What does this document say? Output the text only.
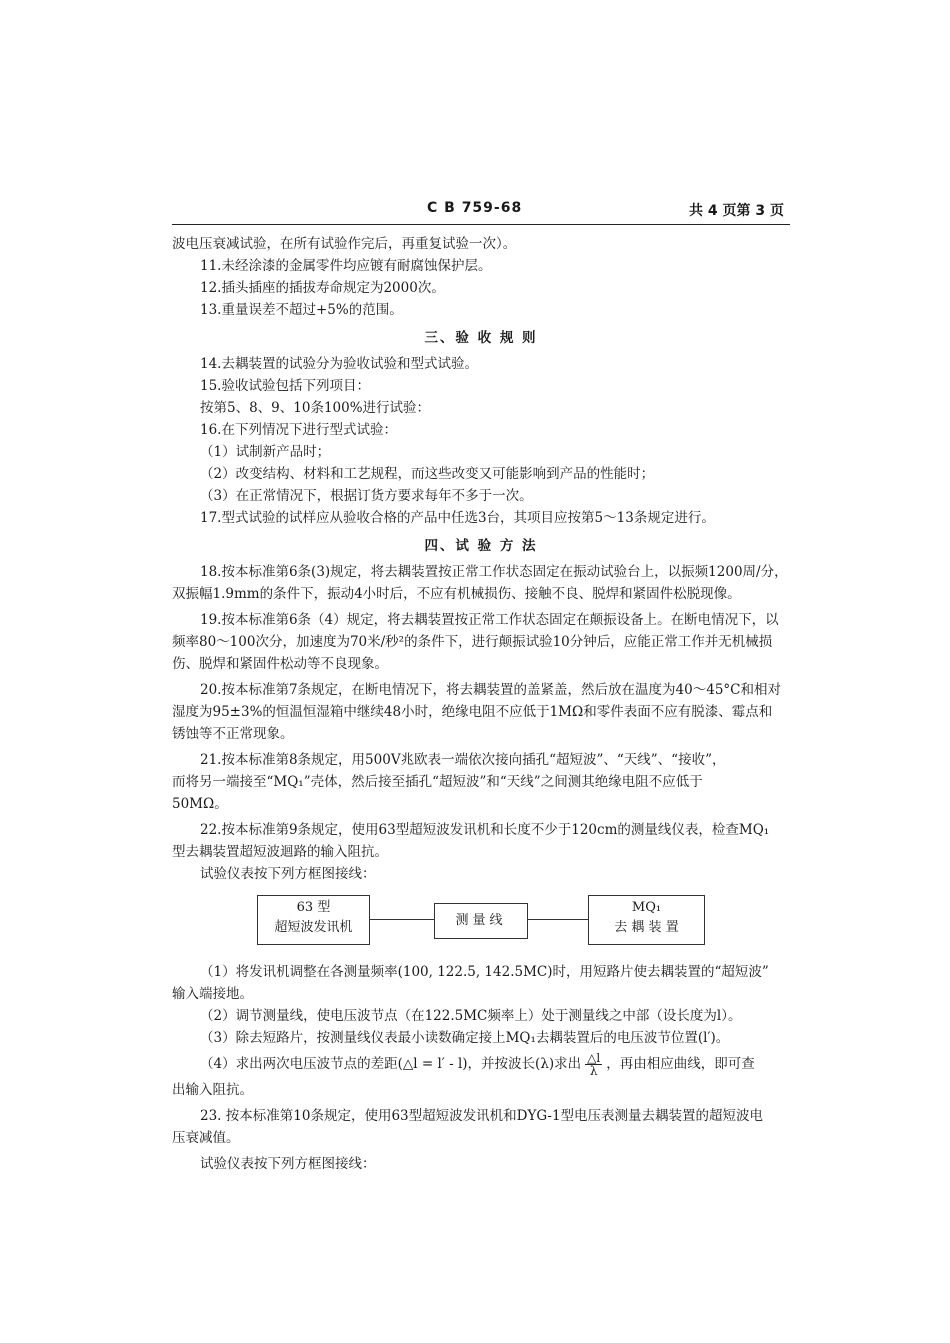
C B 759-68	共 4 页第 3 页

波电压衰减试验，在所有试验作完后，再重复试验一次）。

11.未经涂漆的金属零件均应镀有耐腐蚀保护层。

12.插头插座的插拔寿命规定为2000次。

13.重量误差不超过+5%的范围。

三、验 收 规 则

14.去耦装置的试验分为验收试验和型式试验。

15.验收试验包括下列项目：

按第5、8、9、10条100%进行试验：

16.在下列情况下进行型式试验：

（1）试制新产品时；

（2）改变结构、材料和工艺规程，而这些改变又可能影响到产品的性能时；

（3）在正常情况下，根据订货方要求每年不多于一次。

17.型式试验的试样应从验收合格的产品中任选3台，其项目应按第5～13条规定进行。

四、试 验 方 法

18.按本标准第6条(3)规定，将去耦装置按正常工作状态固定在振动试验台上，以振频1200周/分，

双振幅1.9mm的条件下，振动4小时后，不应有机械损伤、接触不良、脱焊和紧固件松脱现像。

19.按本标准第6条（4）规定，将去耦装置按正常工作状态固定在颠振设备上。在断电情况下，以

频率80～100次分，加速度为70米/秒²的条件下，进行颠振试验10分钟后，应能正常工作并无机械损

伤、脱焊和紧固件松动等不良现象。

20.按本标准第7条规定，在断电情况下，将去耦装置的盖紧盖，然后放在温度为40～45°C和相对

湿度为95±3%的恒温恒湿箱中继续48小时，绝缘电阻不应低于1MΩ和零件表面不应有脱漆、霉点和

锈蚀等不正常现象。

21.按本标准第8条规定，用500V兆欧表一端依次接向插孔“超短波”、“天线”、“接收”，

而将另一端接至“MQ₁”壳体，然后接至插孔“超短波”和“天线”之间测其绝缘电阻不应低于

50MΩ。

22.按本标准第9条规定，使用63型超短波发讯机和长度不少于120cm的测量线仪表，检查MQ₁

型去耦装置超短波迴路的输入阻抗。

试验仪表按下列方框图接线：

63 型
超短波发讯机	测量线
MQ₁
去 耦 装 置

（1）将发讯机调整在各测量频率(100, 122.5, 142.5MC)时，用短路片使去耦装置的“超短波”

输入端接地。

（2）调节测量线，使电压波节点（在122.5MC频率上）处于测量线之中部（设长度为l）。

（3）除去短路片，按测量线仪表最小读数确定接上MQ₁去耦装置后的电压波节位置(l′)。

（4）求出两次电压波节点的差距(△l = l′ - l)，并按波长(λ)求出 $\frac{\triangle l}{\lambda}$ ，再由相应曲线，即可查

出输入阻抗。

23. 按本标准第10条规定，使用63型超短波发讯机和DYG-1型电压表测量去耦装置的超短波电

压衰减值。

试验仪表按下列方框图接线：
